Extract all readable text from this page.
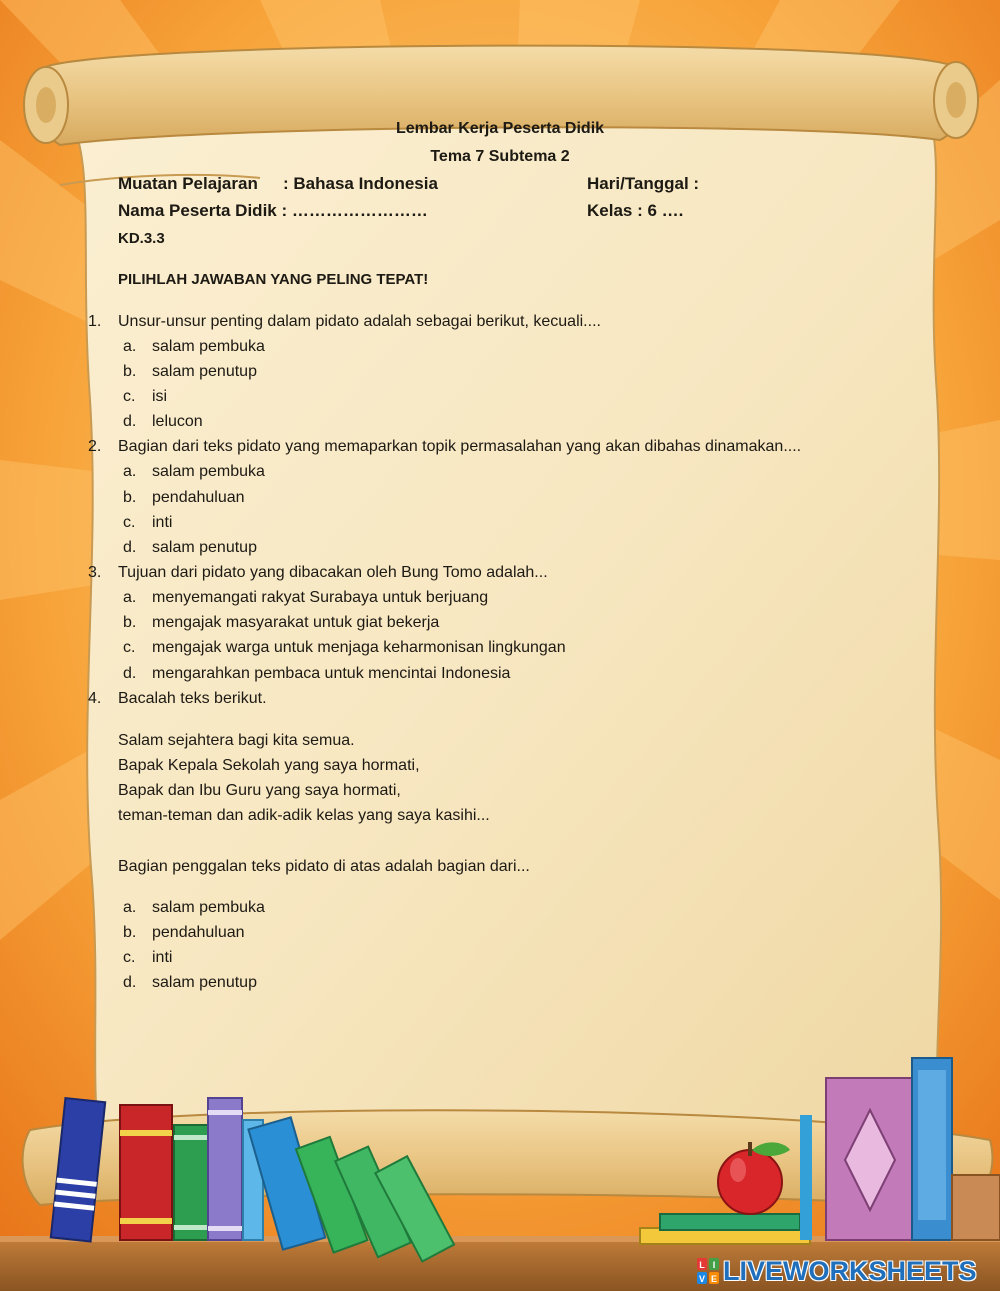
Lembar Kerja Peserta Didik
Tema 7 Subtema 2
Muatan Pelajaran : Bahasa Indonesia	Hari/Tanggal :
Nama Peserta Didik : ……………………	Kelas : 6 ….
KD.3.3
PILIHLAH JAWABAN YANG PELING TEPAT!
1. Unsur-unsur penting dalam pidato adalah sebagai berikut, kecuali....
a. salam pembuka
b. salam penutup
c. isi
d. lelucon
2. Bagian dari teks pidato yang memaparkan topik permasalahan yang akan dibahas dinamakan....
a. salam pembuka
b. pendahuluan
c. inti
d. salam penutup
3. Tujuan dari pidato yang dibacakan oleh Bung Tomo adalah...
a. menyemangati rakyat Surabaya untuk berjuang
b. mengajak masyarakat untuk giat bekerja
c. mengajak warga untuk menjaga keharmonisan lingkungan
d. mengarahkan pembaca untuk mencintai Indonesia
4. Bacalah teks berikut.
Salam sejahtera bagi kita semua.
Bapak Kepala Sekolah yang saya hormati,
Bapak dan Ibu Guru yang saya hormati,
teman-teman dan adik-adik kelas yang saya kasihi...
Bagian penggalan teks pidato di atas adalah bagian dari...
a. salam pembuka
b. pendahuluan
c. inti
d. salam penutup
L I
V E LIVEWORKSHEETS
